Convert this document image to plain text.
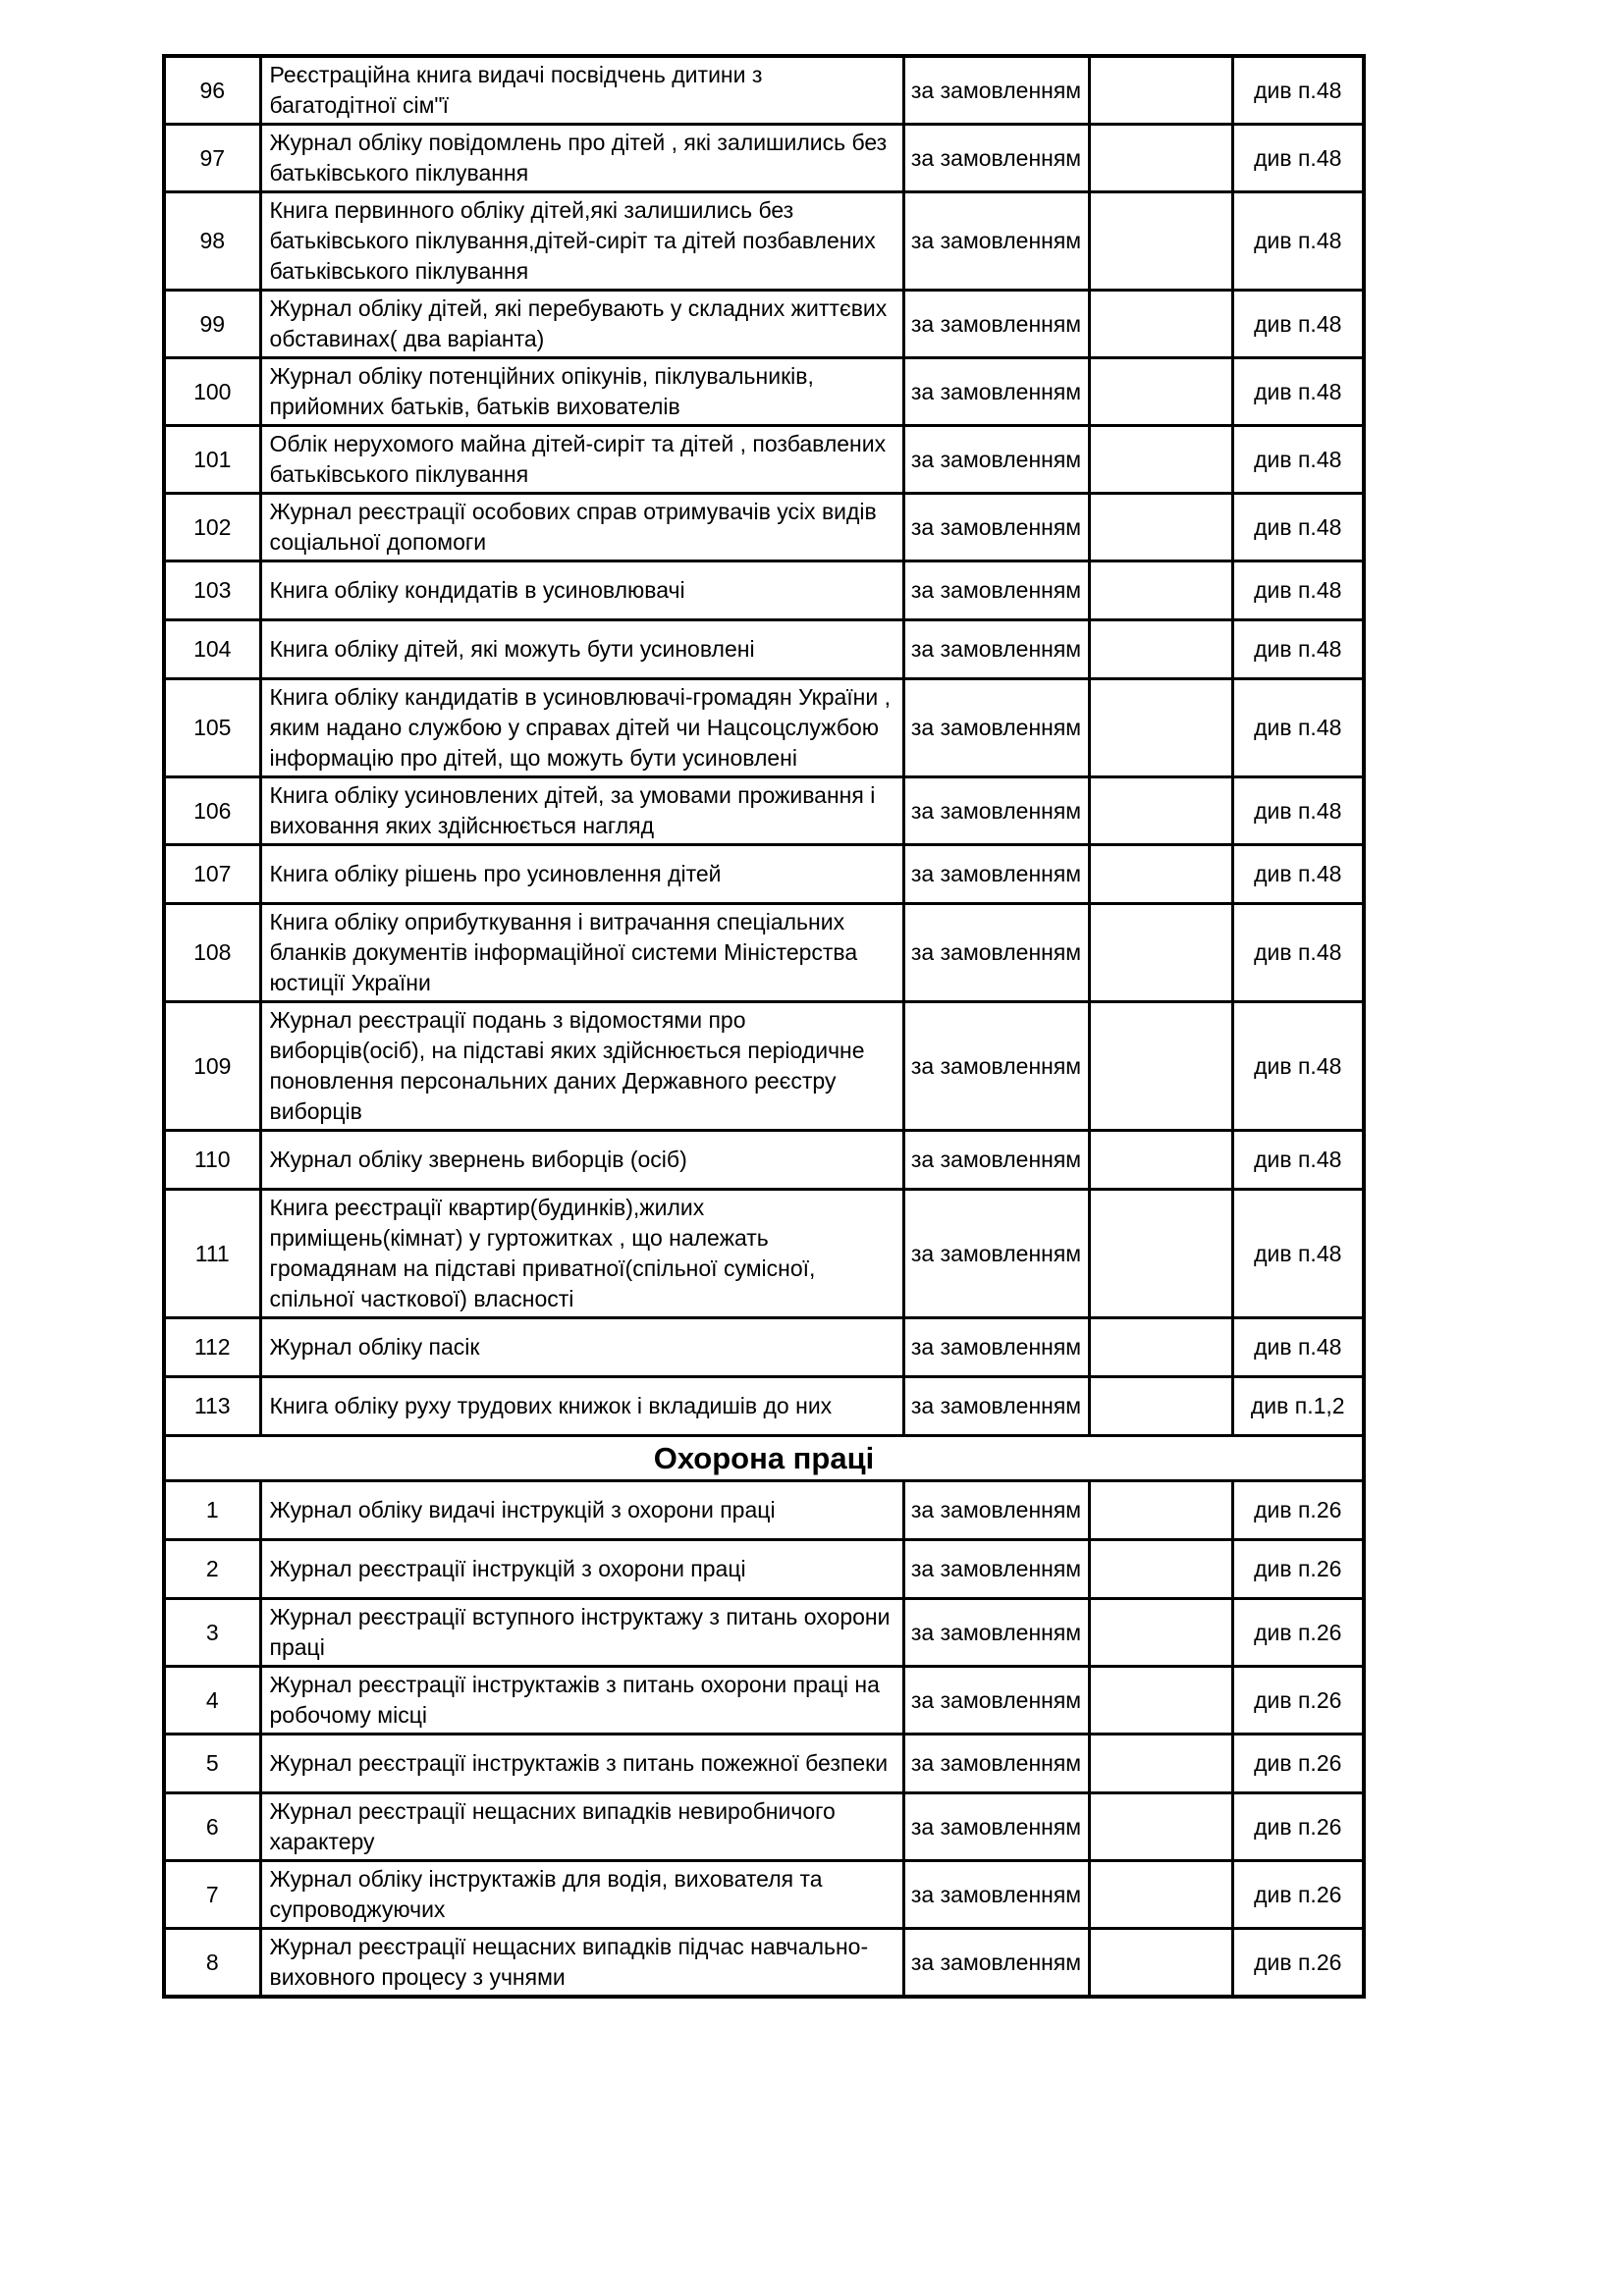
96	Реєстраційна книга видачі посвідчень дитини з багатодітної сім"ї	за замовленням		див п.48
97	Журнал обліку повідомлень про дітей , які залишились без батьківського піклування	за замовленням		див п.48
98	Книга первинного обліку дітей,які залишились без батьківського піклування,дітей-сиріт та дітей позбавлених батьківського піклування	за замовленням		див п.48
99	Журнал обліку дітей, які перебувають у складних життєвих обставинах( два варіанта)	за замовленням		див п.48
100	Журнал обліку потенційних опікунів, піклувальників, прийомних батьків, батьків вихователів	за замовленням		див п.48
101	Облік нерухомого майна дітей-сиріт та дітей , позбавлених батьківського піклування	за замовленням		див п.48
102	Журнал реєстрації особових справ отримувачів усіх видів соціальної допомоги	за замовленням		див п.48
103	Книга обліку кондидатів в усиновлювачі	за замовленням		див п.48
104	Книга обліку дітей, які можуть бути усиновлені	за замовленням		див п.48
105	Книга обліку кандидатів в усиновлювачі-громадян України , яким надано службою у справах дітей чи Нацсоцслужбою інформацію про дітей, що можуть бути усиновлені	за замовленням		див п.48
106	Книга обліку усиновлених дітей, за умовами проживання і виховання яких здійснюється нагляд	за замовленням		див п.48
107	Книга обліку рішень про усиновлення дітей	за замовленням		див п.48
108	Книга обліку оприбуткування і витрачання спеціальних бланків документів інформаційної системи Міністерства юстиції України	за замовленням		див п.48
109	Журнал реєстрації подань з відомостями про виборців(осіб), на підставі яких здійснюється періодичне поновлення персональних даних Державного реєстру виборців	за замовленням		див п.48
110	Журнал обліку звернень виборців (осіб)	за замовленням		див п.48
111	Книга реєстрації квартир(будинків),жилих приміщень(кімнат) у гуртожитках , що належать громадянам на підставі приватної(спільної сумісної, спільної часткової) власності	за замовленням		див п.48
112	Журнал обліку пасік	за замовленням		див п.48
113	Книга обліку руху трудових книжок і вкладишів до них	за замовленням		див п.1,2
Охорона праці				
1	Журнал обліку видачі інструкцій з охорони праці	за замовленням		див п.26
2	Журнал реєстрації інструкцій з охорони праці	за замовленням		див п.26
3	Журнал реєстрації вступного інструктажу з питань охорони праці	за замовленням		див п.26
4	Журнал реєстрації інструктажів з питань охорони праці на робочому місці	за замовленням		див п.26
5	Журнал реєстрації інструктажів з питань пожежної безпеки	за замовленням		див п.26
6	Журнал реєстрації нещасних випадків невиробничого характеру	за замовленням		див п.26
7	Журнал обліку інструктажів для водія, вихователя та супроводжуючих	за замовленням		див п.26
8	Журнал реєстрації нещасних випадків підчас навчально-виховного процесу з учнями	за замовленням		див п.26
